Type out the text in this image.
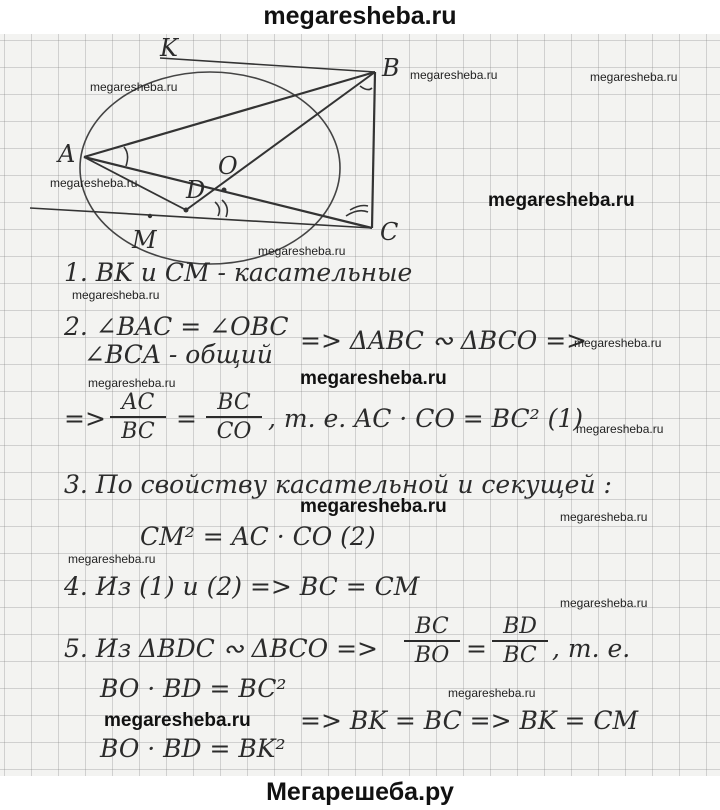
megaresheba.ru
K
B
A	O
D
C
M
1. BK и CM - касательные
2. ∠BAC = ∠OBC
∠BCA - общий => ΔABC ∾ ΔBCO =>
=>
AC
BC =
BC
CO , т. е. AC · CO = BC² (1)
3. По свойству касательной и секущей :
CM² = AC · CO (2)
4. Из (1) и (2) => BC = CM
5. Из ΔBDC ∾ ΔBCO =>
BC
BO =
BD
BC , т. е.
BO · BD = BC²
=> BK = BC => BK = CM
BO · BD = BK²
megaresheba.ru
megaresheba.ru	megaresheba.ru
megaresheba.ru
megaresheba.ru
megaresheba.ru
megaresheba.ru
megaresheba.ru
megaresheba.ru	megaresheba.ru
megaresheba.ru
megaresheba.ru	megaresheba.ru
megaresheba.ru
megaresheba.ru
megaresheba.ru
megaresheba.ru
Мегарешеба.ру
